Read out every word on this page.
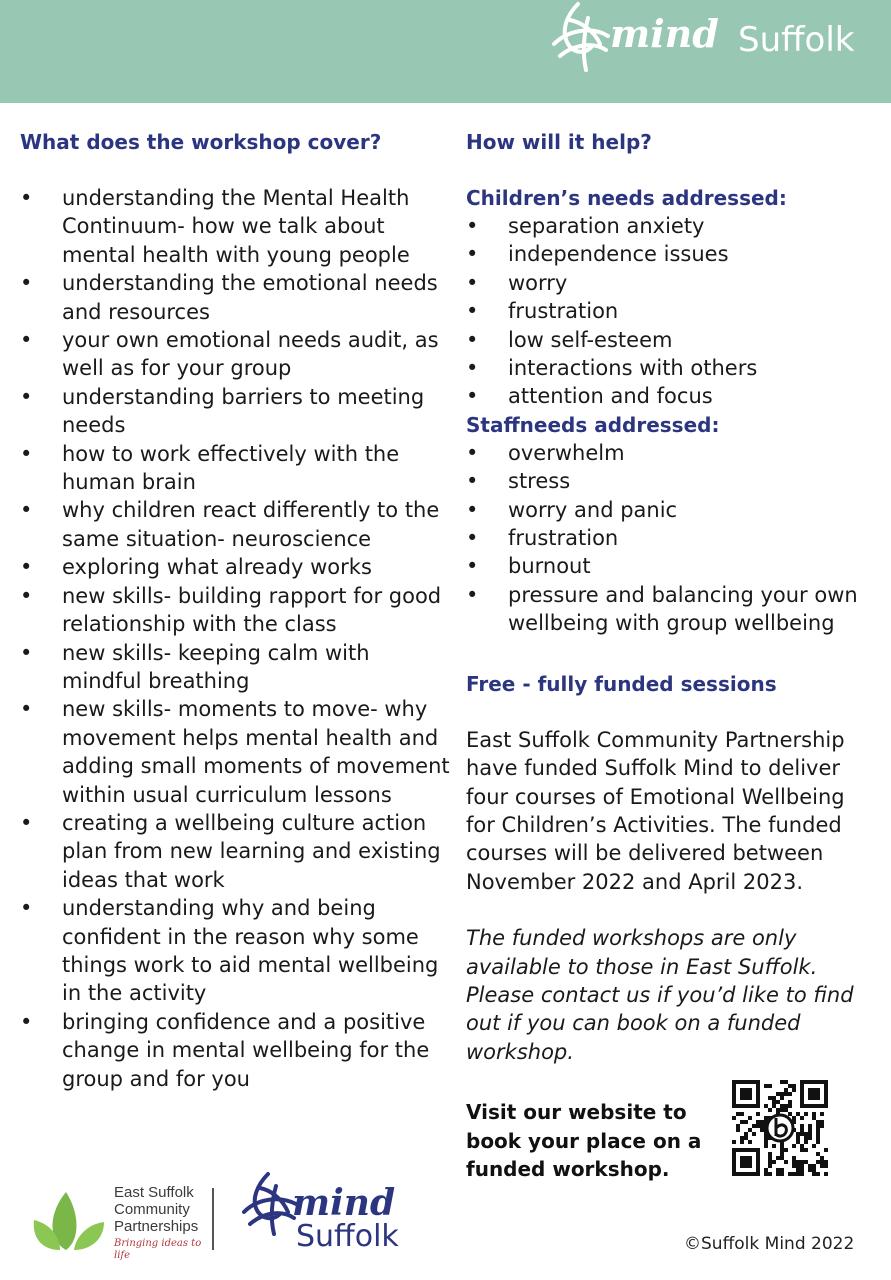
mind Suffolk
What does the workshop cover?
• understanding the Mental Health Continuum- how we talk about mental health with young people
• understanding the emotional needs and resources
• your own emotional needs audit, as well as for your group
• understanding barriers to meeting needs
• how to work effectively with the human brain
• why children react differently to the same situation- neuroscience
• exploring what already works
• new skills- building rapport for good relationship with the class
• new skills- keeping calm with mindful breathing
• new skills- moments to move- why movement helps mental health and adding small moments of movement within usual curriculum lessons
• creating a wellbeing culture action plan from new learning and existing ideas that work
• understanding why and being confident in the reason why some things work to aid mental wellbeing in the activity
• bringing confidence and a positive change in mental wellbeing for the group and for you
How will it help?
Children’s needs addressed:
• separation anxiety
• independence issues
• worry
• frustration
• low self-esteem
• interactions with others
• attention and focus
Staffneeds addressed:
• overwhelm
• stress
• worry and panic
• frustration
• burnout
• pressure and balancing your own wellbeing with group wellbeing
Free - fully funded sessions

East Suffolk Community Partnership have funded Suffolk Mind to deliver four courses of Emotional Wellbeing for Children’s Activities. The funded courses will be delivered between November 2022 and April 2023.

The funded workshops are only available to those in East Suffolk. Please contact us if you’d like to find out if you can book on a funded workshop.

Visit our website to book your place on a funded workshop.
East Suffolk
Community
Partnerships
Bringing ideas to life
mind
Suffolk	©Suffolk Mind 2022
